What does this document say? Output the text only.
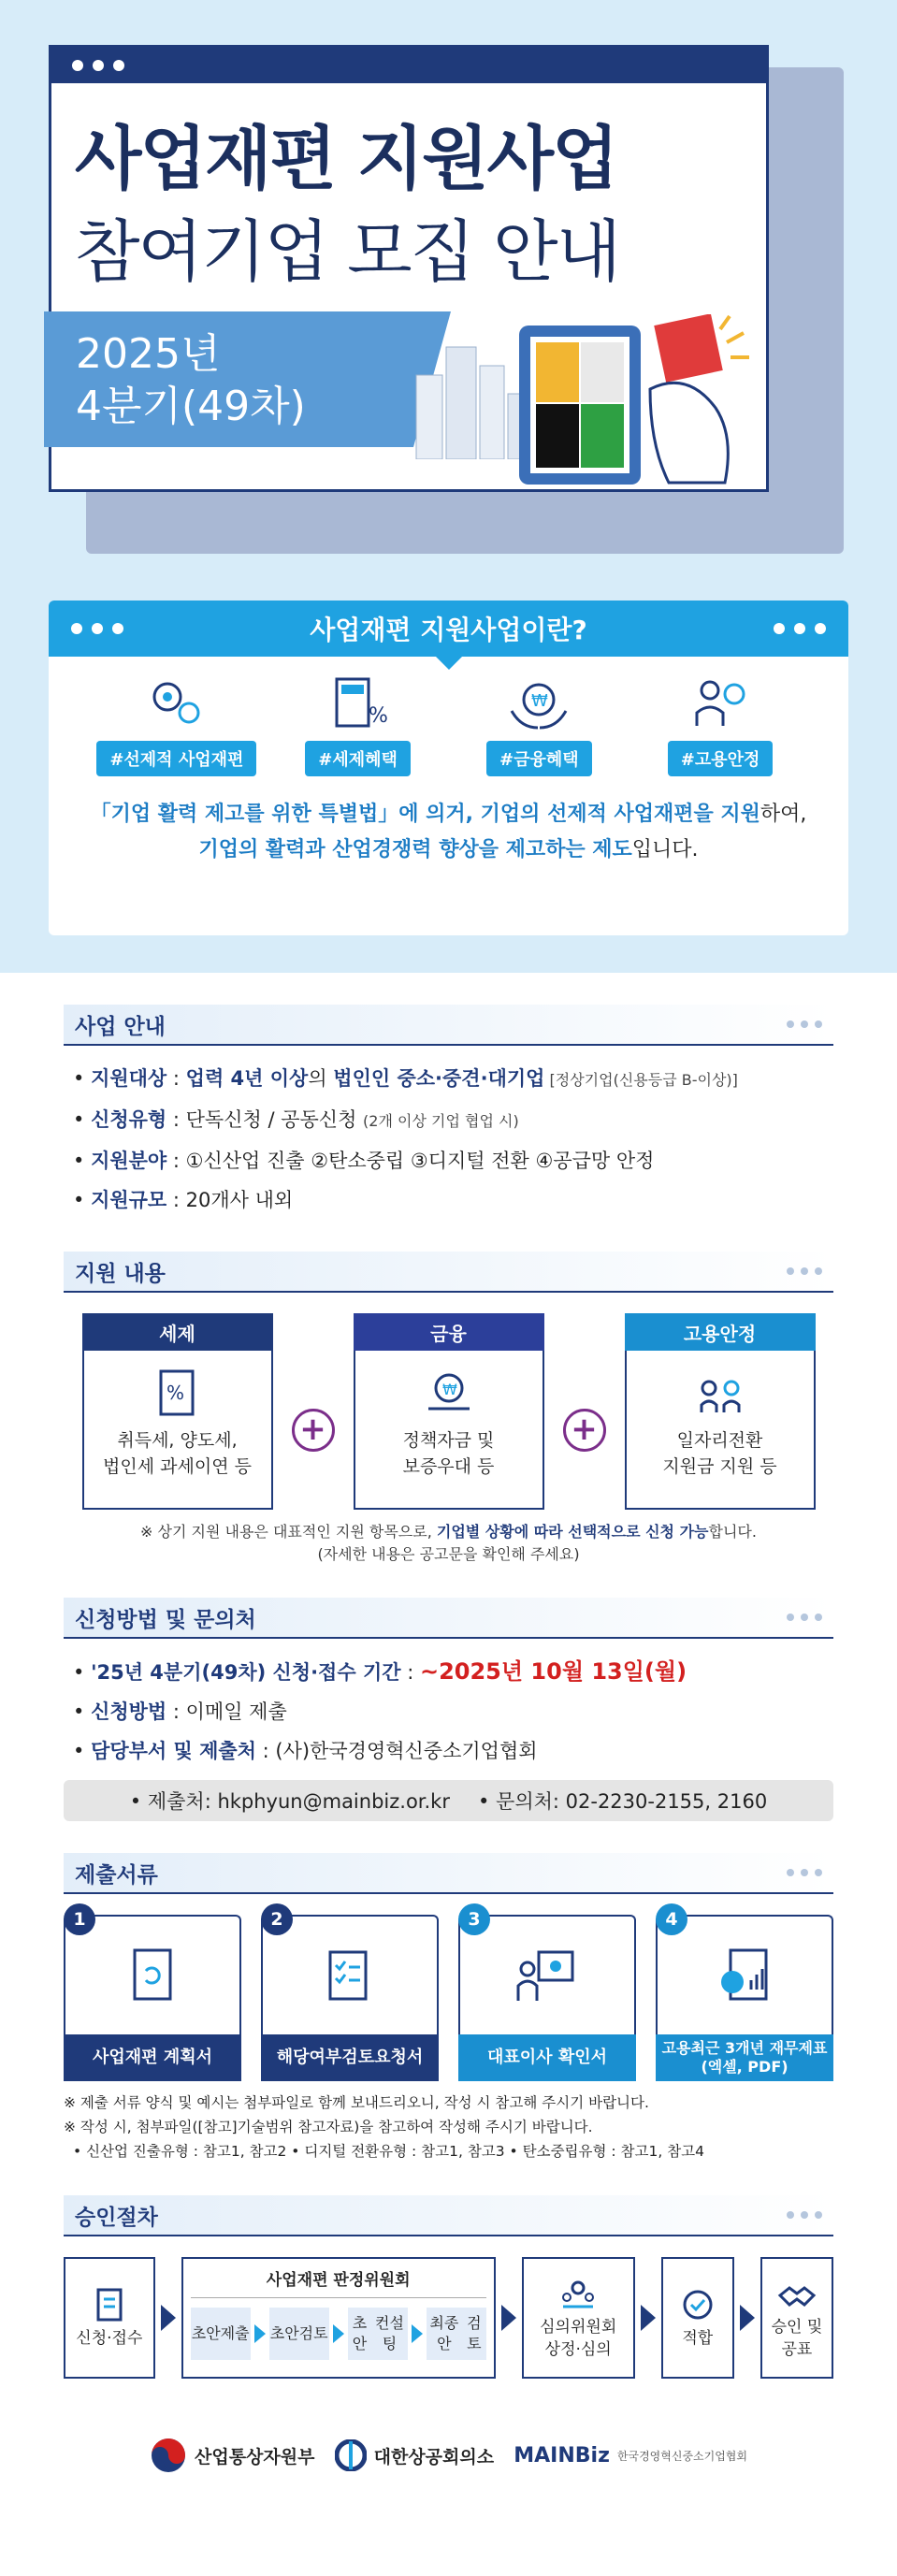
사업재편 지원사업
참여기업 모집 안내
2025년
4분기(49차)
사업재편 지원사업이란?
#선제적 사업재편
%
#세제혜택
₩
#금융혜택	#고용안정
「기업 활력 제고를 위한 특별법」에 의거, 기업의 선제적 사업재편을 지원하여,
기업의 활력과 산업경쟁력 향상을 제고하는 제도입니다.
사업 안내
• 지원대상 : 업력 4년 이상의 법인인 중소·중견·대기업 [정상기업(신용등급 B-이상)]
• 신청유형 : 단독신청 / 공동신청 (2개 이상 기업 협업 시)
• 지원분야 : ①신산업 진출 ②탄소중립 ③디지털 전환 ④공급망 안정
• 지원규모 : 20개사 내외
지원 내용
세제
%
취득세, 양도세,
법인세 과세이연 등
+
금융
₩
정책자금 및
보증우대 등
+
고용안정
일자리전환
지원금 지원 등
※ 상기 지원 내용은 대표적인 지원 항목으로, 기업별 상황에 따라 선택적으로 신청 가능합니다.
(자세한 내용은 공고문을 확인해 주세요)
신청방법 및 문의처
• '25년 4분기(49차) 신청·접수 기간 : ~2025년 10월 13일(월)
• 신청방법 : 이메일 제출
• 담당부서 및 제출처 : (사)한국경영혁신중소기업협회
• 제출처: hkphyun@mainbiz.or.kr • 문의처: 02-2230-2155, 2160
제출서류
1
사업재편 계획서
2
해당여부검토요청서
3
대표이사 확인서
4
고용최근 3개년 재무제표
(엑셀, PDF)
※ 제출 서류 양식 및 예시는 첨부파일로 함께 보내드리오니, 작성 시 참고해 주시기 바랍니다.
※ 작성 시, 첨부파일([참고]기술범위 참고자료)을 참고하여 작성해 주시기 바랍니다.
• 신산업 진출유형 : 참고1, 참고2 • 디지털 전환유형 : 참고1, 참고3 • 탄소중립유형 : 참고1, 참고4
승인절차
신청·접수
사업재편 판정위원회
초안 제출 초안 검토
초안

컨설팅
최종안

검토
심의위원회
상정·심의
적합
승인 및
공표
산업통상자원부	대한상공회의소 MAINBiz 한국경영혁신중소기업협회
